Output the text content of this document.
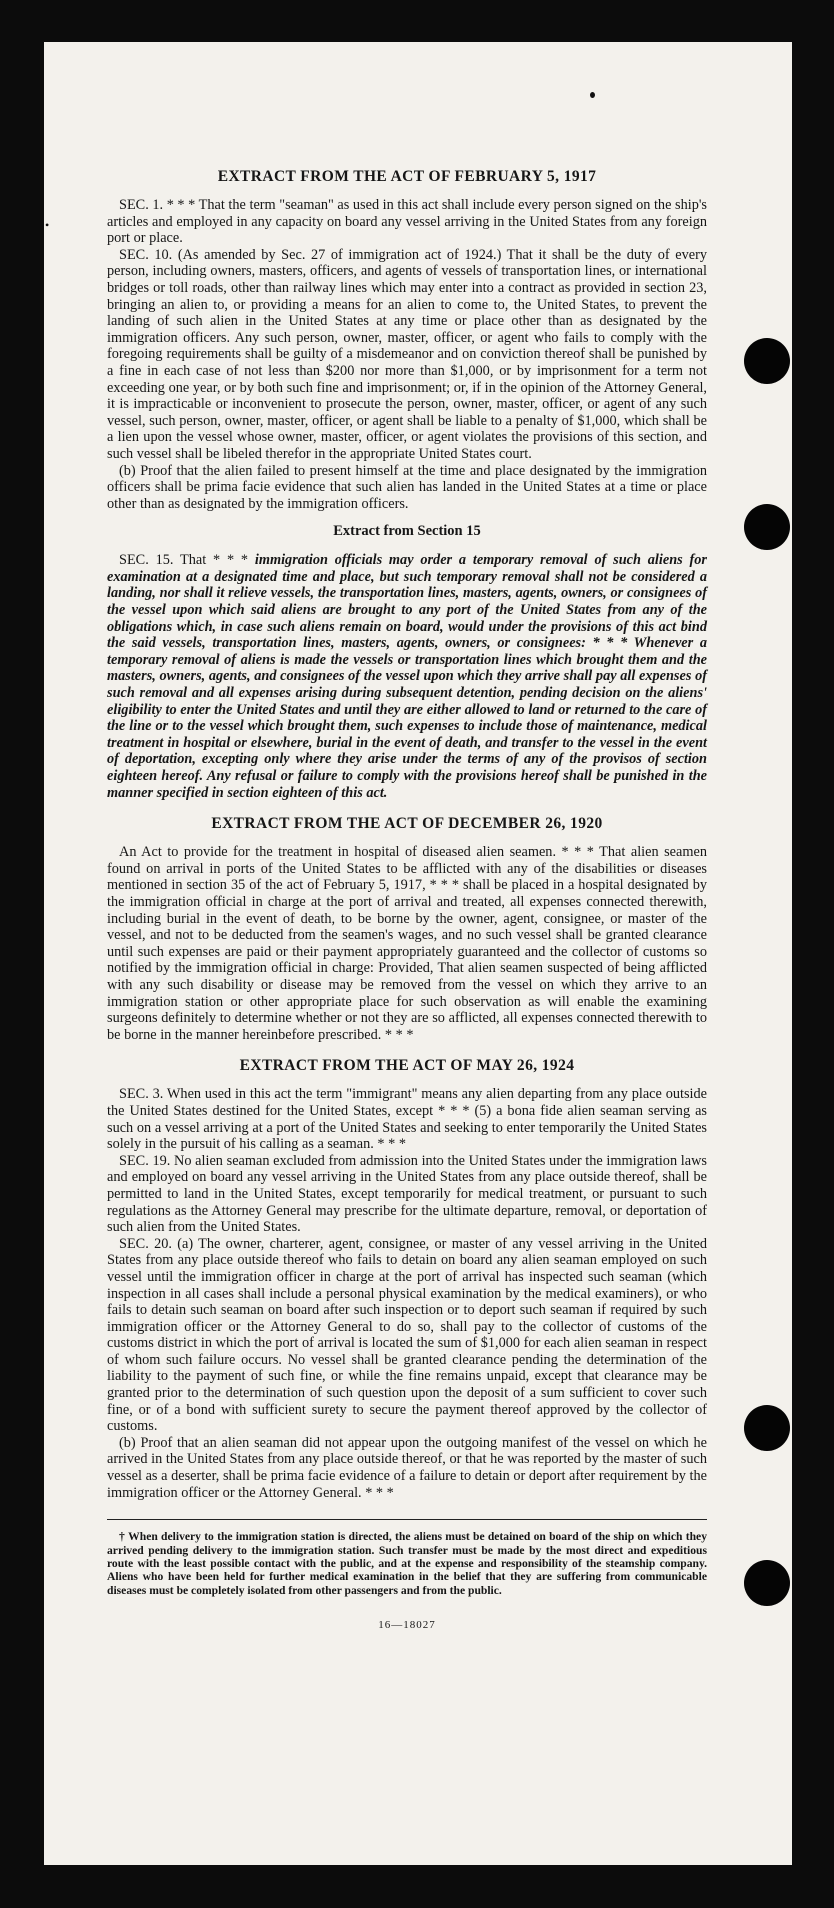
•
EXTRACT FROM THE ACT OF FEBRUARY 5, 1917

SEC. 1. * * * That the term "seaman" as used in this act shall include every person signed on the ship's articles and employed in any capacity on board any vessel arriving in the United States from any foreign port or place.

SEC. 10. (As amended by Sec. 27 of immigration act of 1924.) That it shall be the duty of every person, including owners, masters, officers, and agents of vessels of transportation lines, or international bridges or toll roads, other than railway lines which may enter into a contract as provided in section 23, bringing an alien to, or providing a means for an alien to come to, the United States, to prevent the landing of such alien in the United States at any time or place other than as designated by the immigration officers. Any such person, owner, master, officer, or agent who fails to comply with the foregoing requirements shall be guilty of a misdemeanor and on conviction thereof shall be punished by a fine in each case of not less than $200 nor more than $1,000, or by imprisonment for a term not exceeding one year, or by both such fine and imprisonment; or, if in the opinion of the Attorney General, it is impracticable or inconvenient to prosecute the person, owner, master, officer, or agent of any such vessel, such person, owner, master, officer, or agent shall be liable to a penalty of $1,000, which shall be a lien upon the vessel whose owner, master, officer, or agent violates the provisions of this section, and such vessel shall be libeled therefor in the appropriate United States court.

(b) Proof that the alien failed to present himself at the time and place designated by the immigration officers shall be prima facie evidence that such alien has landed in the United States at a time or place other than as designated by the immigration officers.

Extract from Section 15

SEC. 15. That * * * immigration officials may order a temporary removal of such aliens for examination at a designated time and place, but such temporary removal shall not be considered a landing, nor shall it relieve vessels, the transportation lines, masters, agents, owners, or consignees of the vessel upon which said aliens are brought to any port of the United States from any of the obligations which, in case such aliens remain on board, would under the provisions of this act bind the said vessels, transportation lines, masters, agents, owners, or consignees: * * * Whenever a temporary removal of aliens is made the vessels or transportation lines which brought them and the masters, owners, agents, and consignees of the vessel upon which they arrive shall pay all expenses of such removal and all expenses arising during subsequent detention, pending decision on the aliens' eligibility to enter the United States and until they are either allowed to land or returned to the care of the line or to the vessel which brought them, such expenses to include those of maintenance, medical treatment in hospital or elsewhere, burial in the event of death, and transfer to the vessel in the event of deportation, excepting only where they arise under the terms of any of the provisos of section eighteen hereof. Any refusal or failure to comply with the provisions hereof shall be punished in the manner specified in section eighteen of this act.

EXTRACT FROM THE ACT OF DECEMBER 26, 1920

An Act to provide for the treatment in hospital of diseased alien seamen. * * * That alien seamen found on arrival in ports of the United States to be afflicted with any of the disabilities or diseases mentioned in section 35 of the act of February 5, 1917, * * * shall be placed in a hospital designated by the immigration official in charge at the port of arrival and treated, all expenses connected therewith, including burial in the event of death, to be borne by the owner, agent, consignee, or master of the vessel, and not to be deducted from the seamen's wages, and no such vessel shall be granted clearance until such expenses are paid or their payment appropriately guaranteed and the collector of customs so notified by the immigration official in charge: Provided, That alien seamen suspected of being afflicted with any such disability or disease may be removed from the vessel on which they arrive to an immigration station or other appropriate place for such observation as will enable the examining surgeons definitely to determine whether or not they are so afflicted, all expenses connected therewith to be borne in the manner hereinbefore prescribed. * * *

EXTRACT FROM THE ACT OF MAY 26, 1924

SEC. 3. When used in this act the term "immigrant" means any alien departing from any place outside the United States destined for the United States, except * * * (5) a bona fide alien seaman serving as such on a vessel arriving at a port of the United States and seeking to enter temporarily the United States solely in the pursuit of his calling as a seaman. * * *

SEC. 19. No alien seaman excluded from admission into the United States under the immigration laws and employed on board any vessel arriving in the United States from any place outside thereof, shall be permitted to land in the United States, except temporarily for medical treatment, or pursuant to such regulations as the Attorney General may prescribe for the ultimate departure, removal, or deportation of such alien from the United States.

SEC. 20. (a) The owner, charterer, agent, consignee, or master of any vessel arriving in the United States from any place outside thereof who fails to detain on board any alien seaman employed on such vessel until the immigration officer in charge at the port of arrival has inspected such seaman (which inspection in all cases shall include a personal physical examination by the medical examiners), or who fails to detain such seaman on board after such inspection or to deport such seaman if required by such immigration officer or the Attorney General to do so, shall pay to the collector of customs of the customs district in which the port of arrival is located the sum of $1,000 for each alien seaman in respect of whom such failure occurs. No vessel shall be granted clearance pending the determination of the liability to the payment of such fine, or while the fine remains unpaid, except that clearance may be granted prior to the determination of such question upon the deposit of a sum sufficient to cover such fine, or of a bond with sufficient surety to secure the payment thereof approved by the collector of customs.

(b) Proof that an alien seaman did not appear upon the outgoing manifest of the vessel on which he arrived in the United States from any place outside thereof, or that he was reported by the master of such vessel as a deserter, shall be prima facie evidence of a failure to detain or deport after requirement by the immigration officer or the Attorney General. * * *

† When delivery to the immigration station is directed, the aliens must be detained on board of the ship on which they arrived pending delivery to the immigration station. Such transfer must be made by the most direct and expeditious route with the least possible contact with the public, and at the expense and responsibility of the steamship company. Aliens who have been held for further medical examination in the belief that they are suffering from communicable diseases must be completely isolated from other passengers and from the public.

16—18027
